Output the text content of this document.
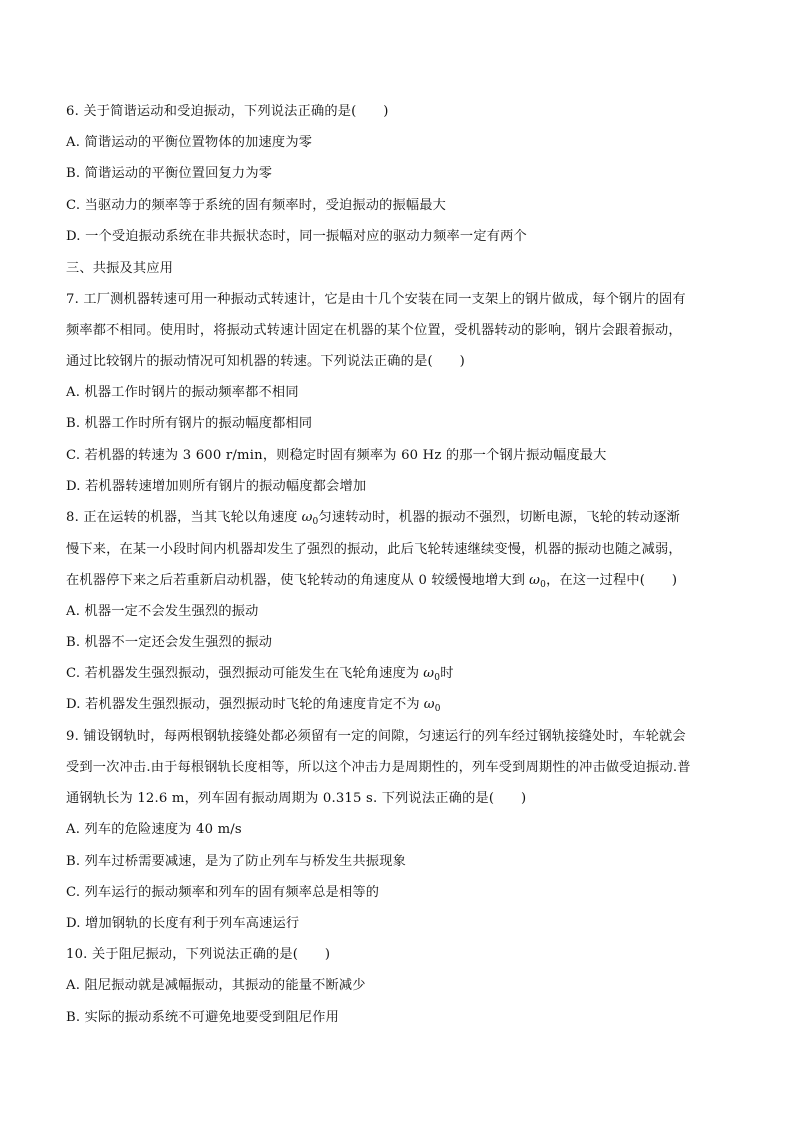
6. 关于简谐运动和受迫振动，下列说法正确的是(　　)
A. 简谐运动的平衡位置物体的加速度为零
B. 简谐运动的平衡位置回复力为零
C. 当驱动力的频率等于系统的固有频率时，受迫振动的振幅最大
D. 一个受迫振动系统在非共振状态时，同一振幅对应的驱动力频率一定有两个
三、共振及其应用
7. 工厂测机器转速可用一种振动式转速计，它是由十几个安装在同一支架上的钢片做成，每个钢片的固有
频率都不相同。使用时，将振动式转速计固定在机器的某个位置，受机器转动的影响，钢片会跟着振动，
通过比较钢片的振动情况可知机器的转速。下列说法正确的是(　　)
A. 机器工作时钢片的振动频率都不相同
B. 机器工作时所有钢片的振动幅度都相同
C. 若机器的转速为 3 600 r/min，则稳定时固有频率为 60 Hz 的那一个钢片振动幅度最大
D. 若机器转速增加则所有钢片的振动幅度都会增加
8. 正在运转的机器，当其飞轮以角速度 $\omega_0$匀速转动时，机器的振动不强烈，切断电源，飞轮的转动逐渐
慢下来，在某一小段时间内机器却发生了强烈的振动，此后飞轮转速继续变慢，机器的振动也随之减弱，
在机器停下来之后若重新启动机器，使飞轮转动的角速度从 0 较缓慢地增大到 $\omega_0$，在这一过程中(　　)
A. 机器一定不会发生强烈的振动
B. 机器不一定还会发生强烈的振动
C. 若机器发生强烈振动，强烈振动可能发生在飞轮角速度为 $\omega_0$时
D. 若机器发生强烈振动，强烈振动时飞轮的角速度肯定不为 $\omega_0$
9. 铺设钢轨时，每两根钢轨接缝处都必须留有一定的间隙，匀速运行的列车经过钢轨接缝处时，车轮就会
受到一次冲击.由于每根钢轨长度相等，所以这个冲击力是周期性的，列车受到周期性的冲击做受迫振动.普
通钢轨长为 12.6 m，列车固有振动周期为 0.315 s. 下列说法正确的是(　　)
A. 列车的危险速度为 40 m/s
B. 列车过桥需要减速，是为了防止列车与桥发生共振现象
C. 列车运行的振动频率和列车的固有频率总是相等的
D. 增加钢轨的长度有利于列车高速运行
10. 关于阻尼振动，下列说法正确的是(　　)
A. 阻尼振动就是减幅振动，其振动的能量不断减少
B. 实际的振动系统不可避免地要受到阻尼作用
